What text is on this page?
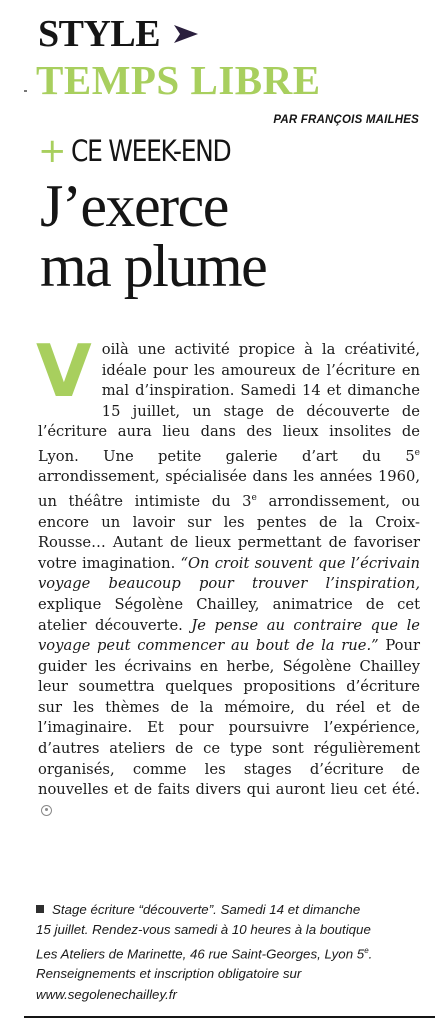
STYLE
TEMPS LIBRE
PAR FRANÇOIS MAILHES
+ CE WEEK-END
J’exerce
ma plume
Voilà une activité propice à la créativité, idéale pour les amoureux de l’écriture en mal d’inspiration. Samedi 14 et dimanche 15 juillet, un stage de découverte de l’écriture aura lieu dans des lieux insolites de Lyon. Une petite galerie d’art du 5e arrondissement, spécialisée dans les années 1960, un théâtre intimiste du 3e arrondissement, ou encore un lavoir sur les pentes de la Croix-Rousse… Autant de lieux permettant de favoriser votre imagination. “On croit souvent que l’écrivain voyage beaucoup pour trouver l’inspiration, explique Ségolène Chailley, animatrice de cet atelier découverte. Je pense au contraire que le voyage peut commencer au bout de la rue.” Pour guider les écrivains en herbe, Ségolène Chailley leur soumettra quelques propositions d’écriture sur les thèmes de la mémoire, du réel et de l’imaginaire. Et pour poursuivre l’expérience, d’autres ateliers de ce type sont régulièrement organisés, comme les stages d’écriture de nouvelles et de faits divers qui auront lieu cet été.
Stage écriture “découverte”. Samedi 14 et dimanche
15 juillet. Rendez-vous samedi à 10 heures à la boutique
Les Ateliers de Marinette, 46 rue Saint-Georges, Lyon 5e.
Renseignements et inscription obligatoire sur
www.segolenechailley.fr
